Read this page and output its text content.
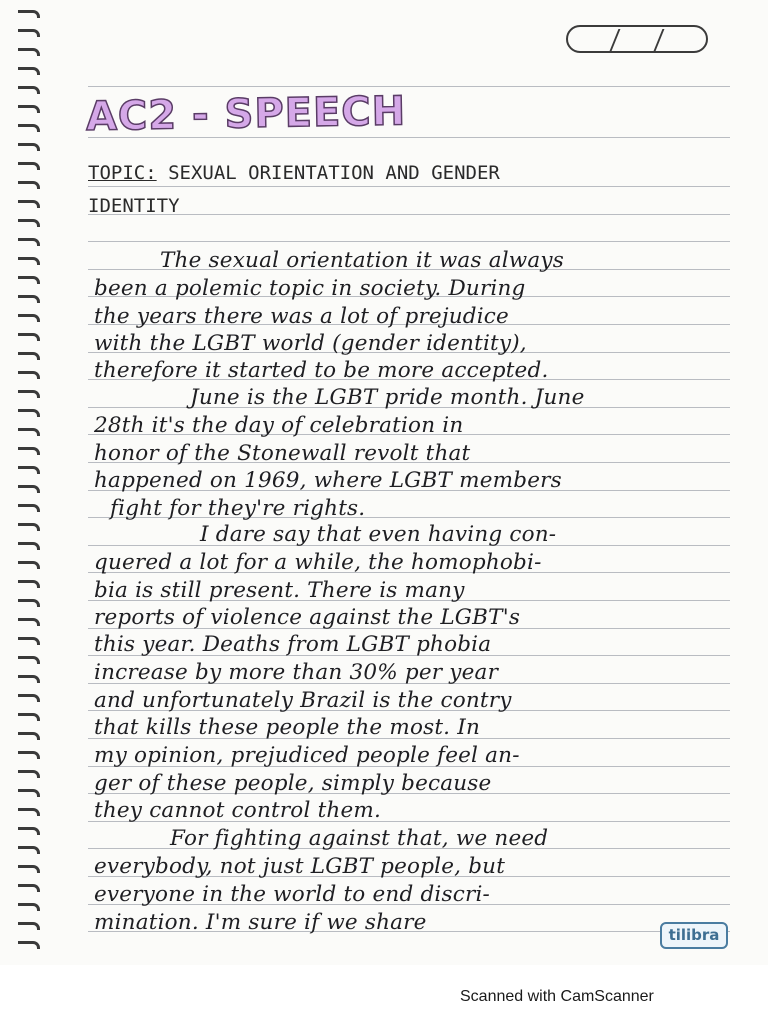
AC2 - SPEECH
TOPIC: SEXUAL ORIENTATION AND GENDER
IDENTITY
The sexual orientation it was always
been a polemic topic in society. During
the years there was a lot of prejudice
with the LGBT world (gender identity),
therefore it started to be more accepted.
June is the LGBT pride month. June
28th it's the day of celebration in
honor of the Stonewall revolt that
happened on 1969, where LGBT members
fight for they're rights.
I dare say that even having con-
quered a lot for a while, the homophobi-
bia is still present. There is many
reports of violence against the LGBT's
this year. Deaths from LGBT phobia
increase by more than 30% per year
and unfortunately Brazil is the contry
that kills these people the most. In
my opinion, prejudiced people feel an-
ger of these people, simply because
they cannot control them.
For fighting against that, we need
everybody, not just LGBT people, but
everyone in the world to end discri-
mination. I'm sure if we share	tilibra
Scanned with CamScanner
